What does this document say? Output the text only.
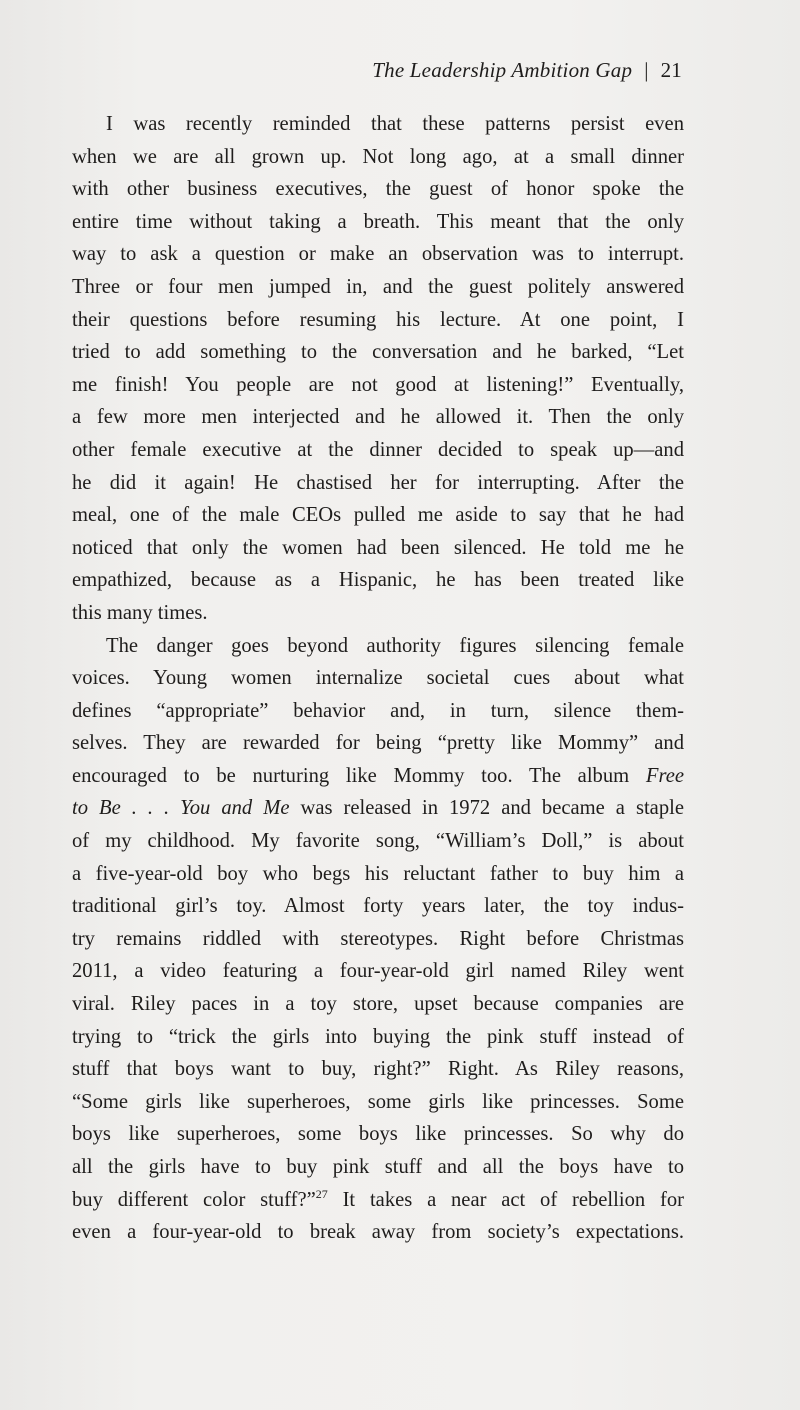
The Leadership Ambition Gap | 21
I was recently reminded that these patterns persist even
when we are all grown up. Not long ago, at a small dinner
with other business executives, the guest of honor spoke the
entire time without taking a breath. This meant that the only
way to ask a question or make an observation was to interrupt.
Three or four men jumped in, and the guest politely answered
their questions before resuming his lecture. At one point, I
tried to add something to the conversation and he barked, “Let
me finish! You people are not good at listening!” Eventually,
a few more men interjected and he allowed it. Then the only
other female executive at the dinner decided to speak up—and
he did it again! He chastised her for interrupting. After the
meal, one of the male CEOs pulled me aside to say that he had
noticed that only the women had been silenced. He told me he
empathized, because as a Hispanic, he has been treated like
this many times.
The danger goes beyond authority figures silencing female
voices. Young women internalize societal cues about what
defines “appropriate” behavior and, in turn, silence them-
selves. They are rewarded for being “pretty like Mommy” and
encouraged to be nurturing like Mommy too. The album Free
to Be . . . You and Me was released in 1972 and became a staple
of my childhood. My favorite song, “William’s Doll,” is about
a five-year-old boy who begs his reluctant father to buy him a
traditional girl’s toy. Almost forty years later, the toy indus-
try remains riddled with stereotypes. Right before Christmas
2011, a video featuring a four-year-old girl named Riley went
viral. Riley paces in a toy store, upset because companies are
trying to “trick the girls into buying the pink stuff instead of
stuff that boys want to buy, right?” Right. As Riley reasons,
“Some girls like superheroes, some girls like princesses. Some
boys like superheroes, some boys like princesses. So why do
all the girls have to buy pink stuff and all the boys have to
buy different color stuff?”$^{27}$ It takes a near act of rebellion for
even a four-year-old to break away from society’s expectations.
